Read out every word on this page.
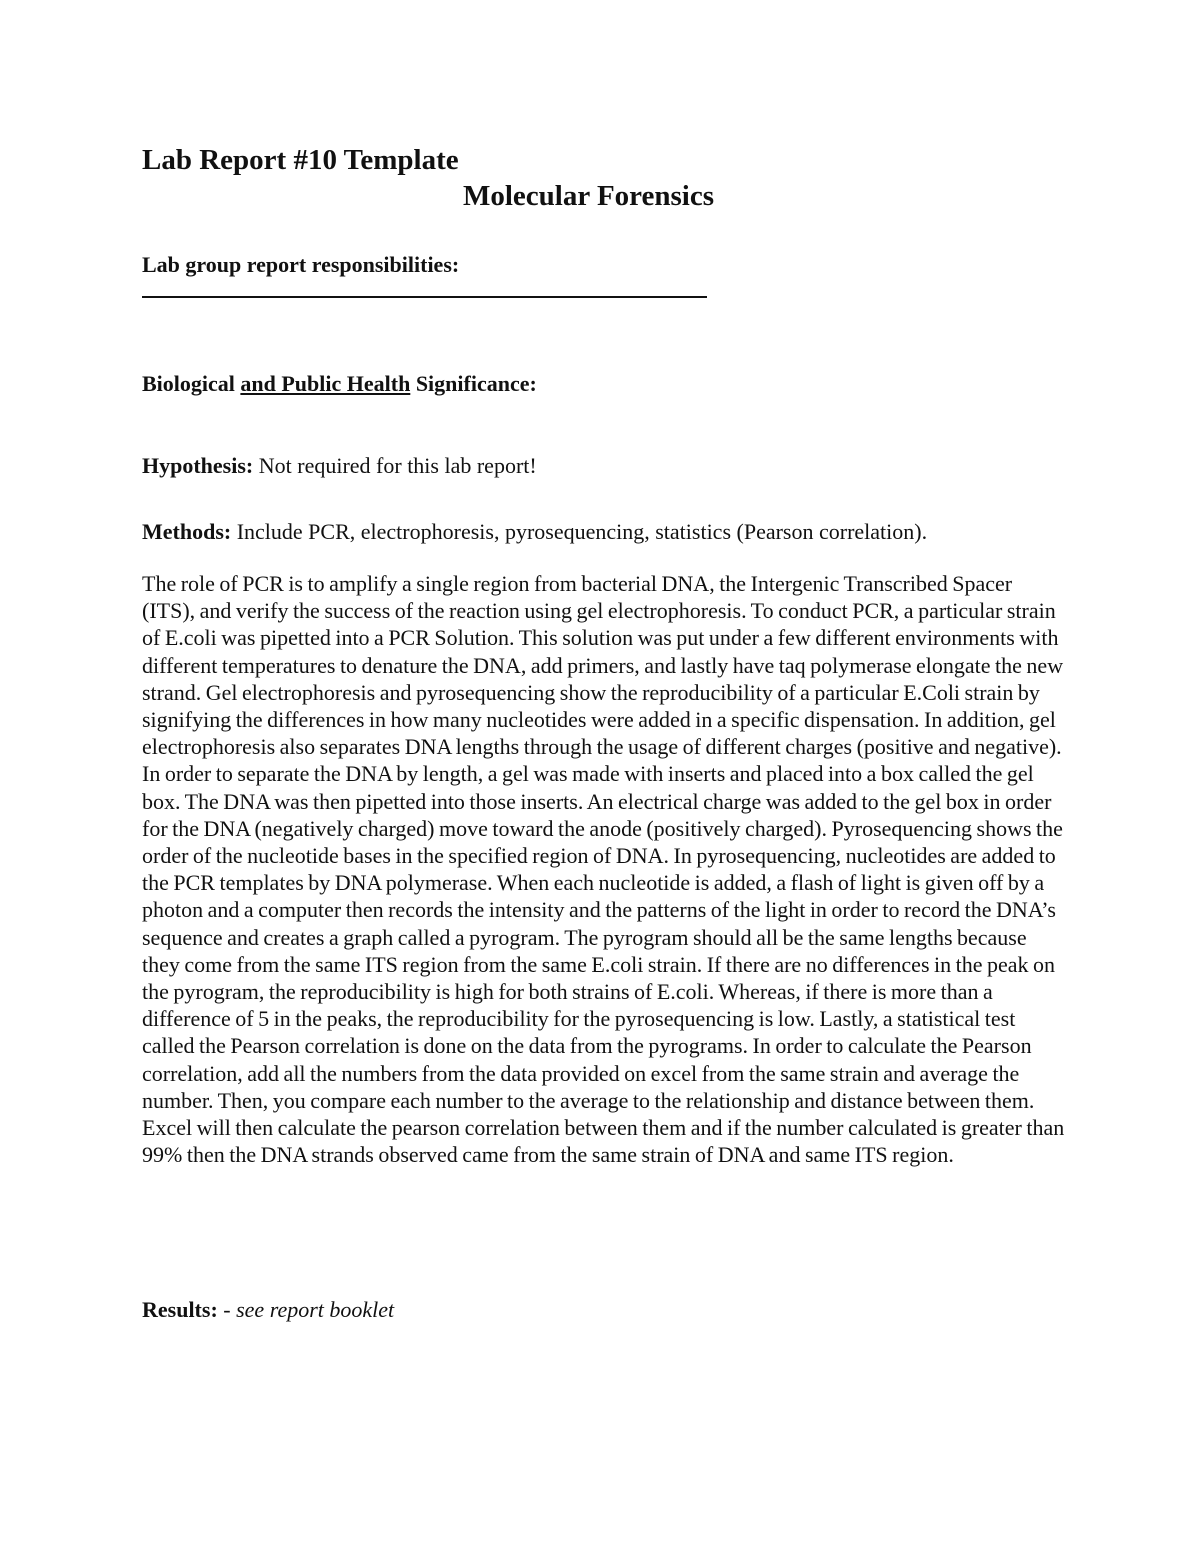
Lab Report #10 Template
Molecular Forensics
Lab group report responsibilities:
Biological and Public Health Significance:
Hypothesis: Not required for this lab report!
Methods: Include PCR, electrophoresis, pyrosequencing, statistics (Pearson correlation).
The role of PCR is to amplify a single region from bacterial DNA, the Intergenic Transcribed Spacer (ITS), and verify the success of the reaction using gel electrophoresis. To conduct PCR, a particular strain of E.coli was pipetted into a PCR Solution. This solution was put under a few different environments with different temperatures to denature the DNA, add primers, and lastly have taq polymerase elongate the new strand. Gel electrophoresis and pyrosequencing show the reproducibility of a particular E.Coli strain by signifying the differences in how many nucleotides were added in a specific dispensation. In addition, gel electrophoresis also separates DNA lengths through the usage of different charges (positive and negative). In order to separate the DNA by length, a gel was made with inserts and placed into a box called the gel box. The DNA was then pipetted into those inserts. An electrical charge was added to the gel box in order for the DNA (negatively charged) move toward the anode (positively charged). Pyrosequencing shows the order of the nucleotide bases in the specified region of DNA. In pyrosequencing, nucleotides are added to the PCR templates by DNA polymerase. When each nucleotide is added, a flash of light is given off by a photon and a computer then records the intensity and the patterns of the light in order to record the DNA’s sequence and creates a graph called a pyrogram. The pyrogram should all be the same lengths because they come from the same ITS region from the same E.coli strain. If there are no differences in the peak on the pyrogram, the reproducibility is high for both strains of E.coli. Whereas, if there is more than a difference of 5 in the peaks, the reproducibility for the pyrosequencing is low. Lastly, a statistical test called the Pearson correlation is done on the data from the pyrograms. In order to calculate the Pearson correlation, add all the numbers from the data provided on excel from the same strain and average the number. Then, you compare each number to the average to the relationship and distance between them. Excel will then calculate the pearson correlation between them and if the number calculated is greater than 99% then the DNA strands observed came from the same strain of DNA and same ITS region.
Results: - see report booklet
